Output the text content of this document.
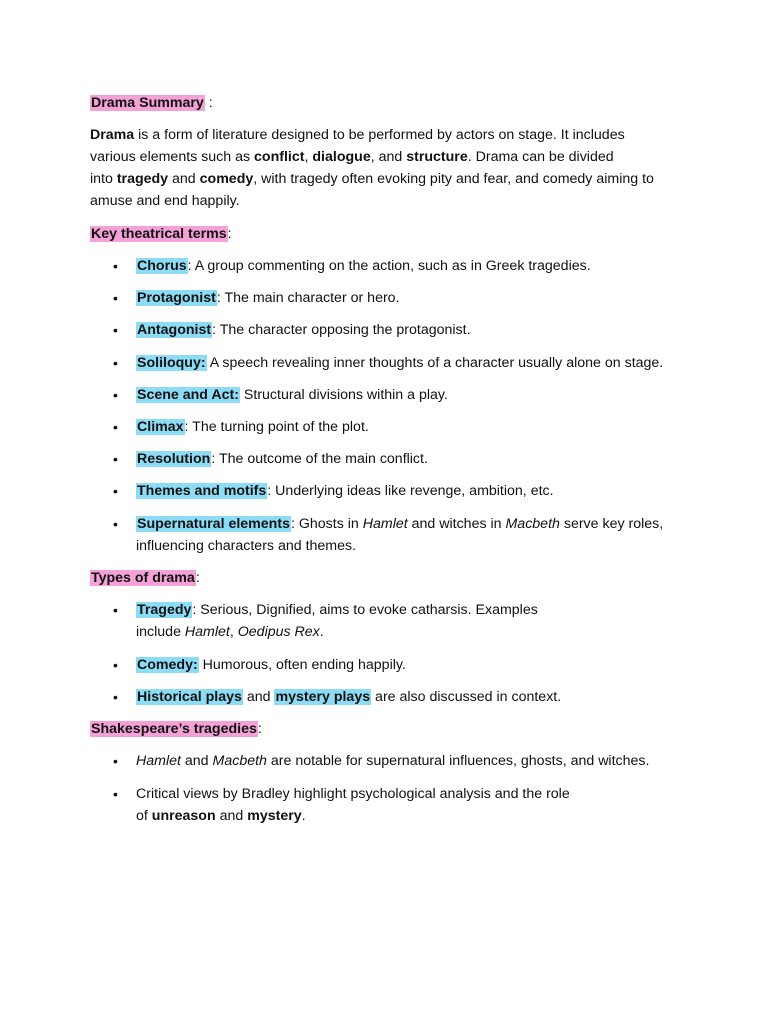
Drama Summary :

Drama is a form of literature designed to be performed by actors on stage. It includes

various elements such as conflict, dialogue, and structure. Drama can be divided

into tragedy and comedy, with tragedy often evoking pity and fear, and comedy aiming to

amuse and end happily.

Key theatrical terms:

•	Chorus: A group commenting on the action, such as in Greek tragedies.

•	Protagonist: The main character or hero.

•	Antagonist: The character opposing the protagonist.

•	Soliloquy: A speech revealing inner thoughts of a character usually alone on stage.

•	Scene and Act: Structural divisions within a play.

•	Climax: The turning point of the plot.

•	Resolution: The outcome of the main conflict.

•	Themes and motifs: Underlying ideas like revenge, ambition, etc.

•	Supernatural elements: Ghosts in Hamlet and witches in Macbeth serve key roles,

influencing characters and themes.

Types of drama:

•	Tragedy: Serious, Dignified, aims to evoke catharsis. Examples

include Hamlet, Oedipus Rex.

•	Comedy: Humorous, often ending happily.

•	Historical plays and mystery plays are also discussed in context.

Shakespeare’s tragedies:

•	Hamlet and Macbeth are notable for supernatural influences, ghosts, and witches.

•	Critical views by Bradley highlight psychological analysis and the role

of unreason and mystery.
